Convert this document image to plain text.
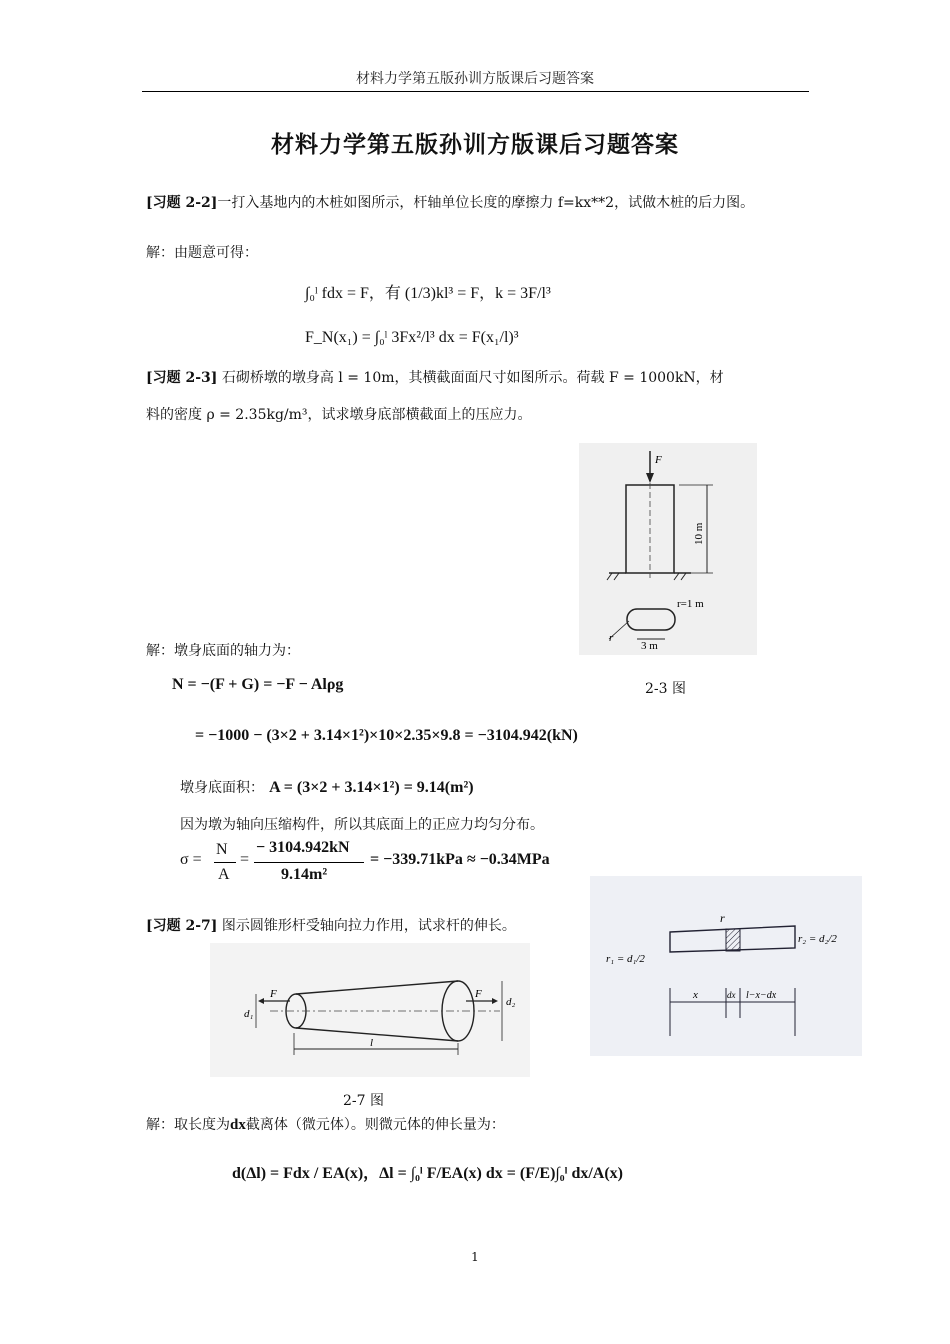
材料力学第五版孙训方版课后习题答案
材料力学第五版孙训方版课后习题答案
[习题 2-2]一打入基地内的木桩如图所示，杆轴单位长度的摩擦力 f=kx**2，试做木桩的后力图。
解：由题意可得：
∫₀ˡ fdx = F，有 (1/3)kl³ = F，k = 3F/l³
F_N(x₁) = ∫₀ˡ 3Fx²/l³ dx = F(x₁/l)³
[习题 2-3] 石砌桥墩的墩身高 l = 10m，其横截面面尺寸如图所示。荷载 F = 1000kN，材
料的密度 ρ = 2.35kg/m³，试求墩身底部横截面上的压应力。
F
10 m
r=1 m
r
3 m
解：墩身底面的轴力为：
N = −(F + G) = −F − Alρg	2-3 图
= −1000 − (3×2 + 3.14×1²)×10×2.35×9.8 = −3104.942(kN)
墩身底面积： A = (3×2 + 3.14×1²) = 9.14(m²)
因为墩为轴向压缩构件，所以其底面上的正应力均匀分布。
σ =
N
A
=
− 3104.942kN
9.14m²
= −339.71kPa ≈ −0.34MPa
[习题 2-7] 图示圆锥形杆受轴向拉力作用，试求杆的伸长。	r
r₁ = d₁/2
r₂ = d₂/2
x	dx l−x−dx
F	F
d₁
d₂
l
2-7 图
解：取长度为dx截离体（微元体）。则微元体的伸长量为：
d(Δl) = Fdx / EA(x)，Δl = ∫₀ˡ F/EA(x) dx = (F/E)∫₀ˡ dx/A(x)
1
